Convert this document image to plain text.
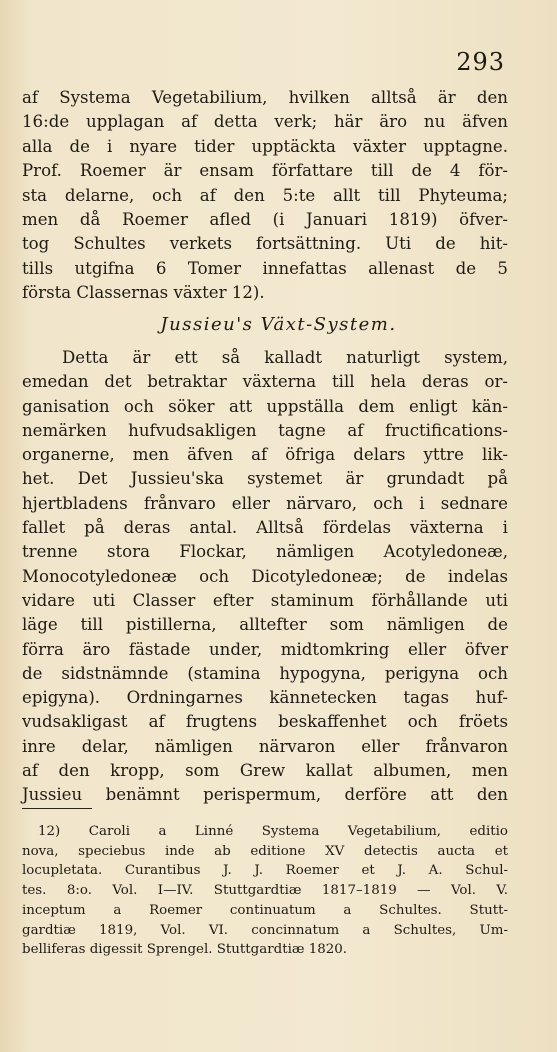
293
af Systema Vegetabilium, hvilken alltså är den
16:de upplagan af detta verk; här äro nu äfven
alla de i nyare tider upptäckta växter upptagne.
Prof. Roemer är ensam författare till de 4 för-
sta delarne, och af den 5:te allt till Phyteuma;
men då Roemer afled (i Januari 1819) öfver-
tog Schultes verkets fortsättning. Uti de hit-
tills utgifna 6 Tomer innefattas allenast de 5
första Classernas växter 12).
Jussieu's Växt-System.
Detta är ett så kalladt naturligt system,
emedan det betraktar växterna till hela deras or-
ganisation och söker att uppställa dem enligt kän-
nemärken hufvudsakligen tagne af fructifications-
organerne, men äfven af öfriga delars yttre lik-
het. Det Jussieu'ska systemet är grundadt på
hjertbladens frånvaro eller närvaro, och i sednare
fallet på deras antal. Alltså fördelas växterna i
trenne stora Flockar, nämligen Acotyledoneæ,
Monocotyledoneæ och Dicotyledoneæ; de indelas
vidare uti Classer efter staminum förhållande uti
läge till pistillerna, alltefter som nämligen de
förra äro fästade under, midtomkring eller öfver
de sidstnämnde (stamina hypogyna, perigyna och
epigyna). Ordningarnes kännetecken tagas huf-
vudsakligast af frugtens beskaffenhet och fröets
inre delar, nämligen närvaron eller frånvaron
af den kropp, som Grew kallat albumen, men
Jussieu benämnt perispermum, derföre att den
12) Caroli a Linné Systema Vegetabilium, editio
nova, speciebus inde ab editione XV detectis aucta et
locupletata. Curantibus J. J. Roemer et J. A. Schul-
tes. 8:o. Vol. I—IV. Stuttgardtiæ 1817–1819 — Vol. V.
inceptum a Roemer continuatum a Schultes. Stutt-
gardtiæ 1819, Vol. VI. concinnatum a Schultes, Um-
belliferas digessit Sprengel. Stuttgardtiæ 1820.
